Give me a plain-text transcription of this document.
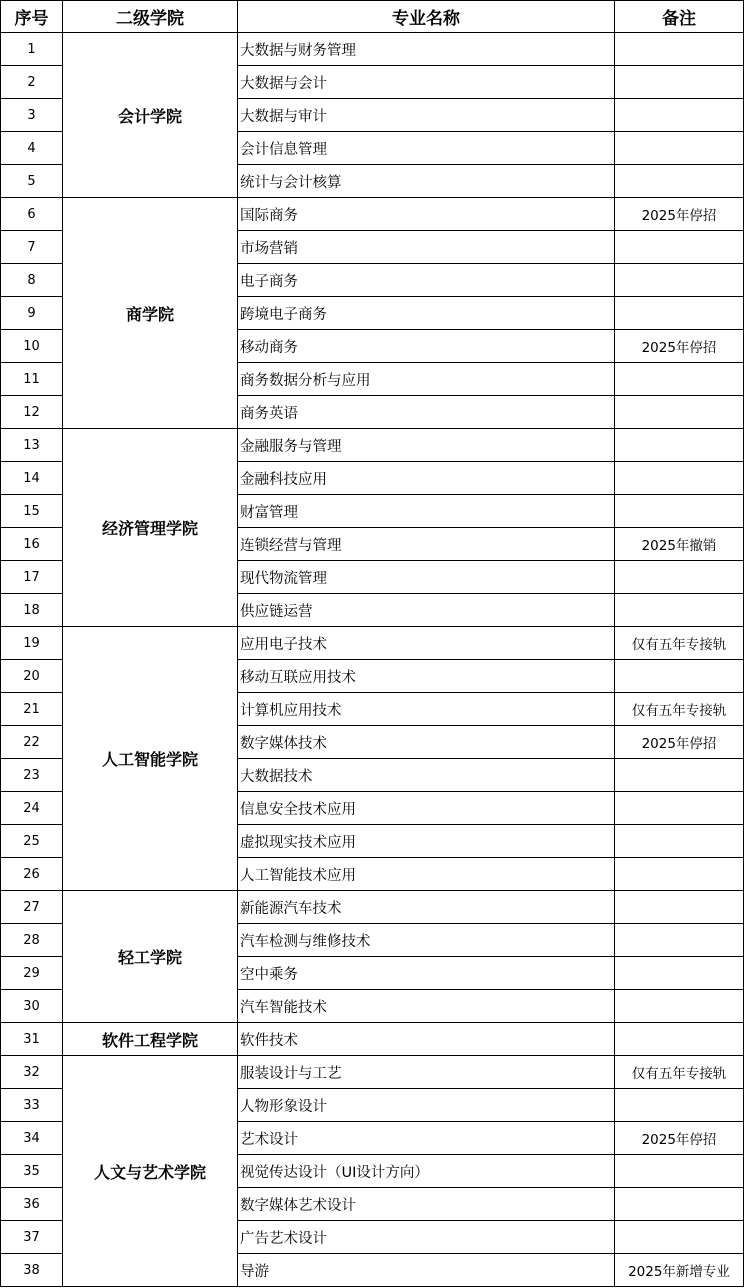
序号	二级学院	专业名称	备注
1	会计学院	大数据与财务管理	
2		大数据与会计	
3		大数据与审计	
4		会计信息管理	
5		统计与会计核算	
6	商学院	国际商务	2025年停招
7		市场营销	
8		电子商务	
9		跨境电子商务	
10		移动商务	2025年停招
11		商务数据分析与应用	
12		商务英语	
13	经济管理学院	金融服务与管理	
14		金融科技应用	
15		财富管理	
16		连锁经营与管理	2025年撤销
17		现代物流管理	
18		供应链运营	
19	人工智能学院	应用电子技术	仅有五年专接轨
20		移动互联应用技术	
21		计算机应用技术	仅有五年专接轨
22		数字媒体技术	2025年停招
23		大数据技术	
24		信息安全技术应用	
25		虚拟现实技术应用	
26		人工智能技术应用	
27	轻工学院	新能源汽车技术	
28		汽车检测与维修技术	
29		空中乘务	
30		汽车智能技术	
31	软件工程学院	软件技术	
32	人文与艺术学院	服装设计与工艺	仅有五年专接轨
33		人物形象设计	
34		艺术设计	2025年停招
35		视觉传达设计（UI设计方向）	
36		数字媒体艺术设计	
37		广告艺术设计	
38		导游	2025年新增专业
